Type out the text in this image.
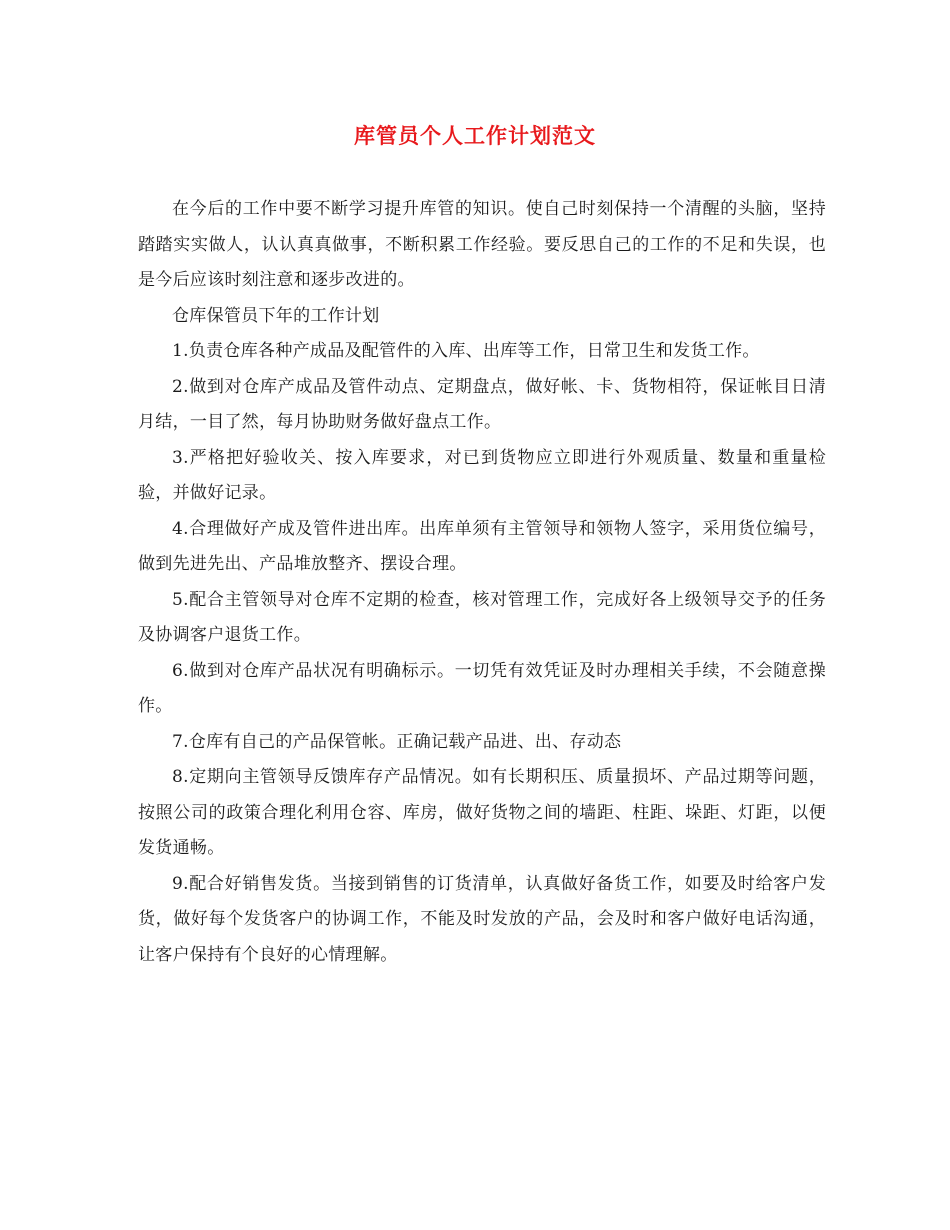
库管员个人工作计划范文

在今后的工作中要不断学习提升库管的知识。使自己时刻保持一个清醒的头脑，坚持踏踏实实做人，认认真真做事，不断积累工作经验。要反思自己的工作的不足和失误，也是今后应该时刻注意和逐步改进的。

仓库保管员下年的工作计划

1.负责仓库各种产成品及配管件的入库、出库等工作，日常卫生和发货工作。

2.做到对仓库产成品及管件动点、定期盘点，做好帐、卡、货物相符，保证帐目日清月结，一目了然，每月协助财务做好盘点工作。

3.严格把好验收关、按入库要求，对已到货物应立即进行外观质量、数量和重量检验，并做好记录。

4.合理做好产成及管件进出库。出库单须有主管领导和领物人签字，采用货位编号，做到先进先出、产品堆放整齐、摆设合理。

5.配合主管领导对仓库不定期的检查，核对管理工作，完成好各上级领导交予的任务及协调客户退货工作。

6.做到对仓库产品状况有明确标示。一切凭有效凭证及时办理相关手续，不会随意操作。

7.仓库有自己的产品保管帐。正确记载产品进、出、存动态

8.定期向主管领导反馈库存产品情况。如有长期积压、质量损坏、产品过期等问题，按照公司的政策合理化利用仓容、库房，做好货物之间的墙距、柱距、垛距、灯距，以便发货通畅。

9.配合好销售发货。当接到销售的订货清单，认真做好备货工作，如要及时给客户发货，做好每个发货客户的协调工作，不能及时发放的产品，会及时和客户做好电话沟通，让客户保持有个良好的心情理解。
